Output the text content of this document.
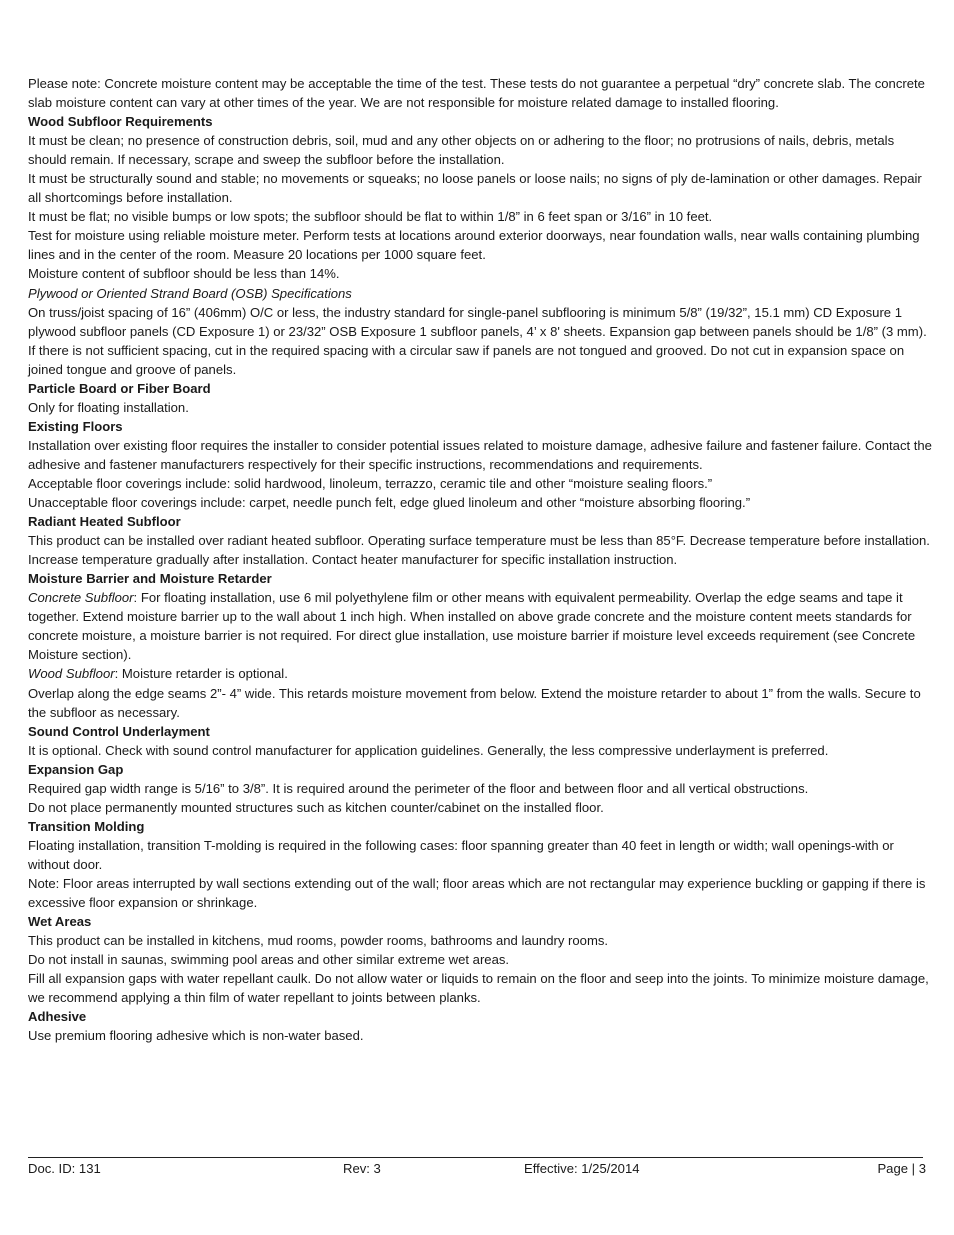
Please note: Concrete moisture content may be acceptable the time of the test. These tests do not guarantee a perpetual “dry” concrete slab. The concrete slab moisture content can vary at other times of the year. We are not responsible for moisture related damage to installed flooring.

Wood Subfloor Requirements

It must be clean; no presence of construction debris, soil, mud and any other objects on or adhering to the floor; no protrusions of nails, debris, metals should remain. If necessary, scrape and sweep the subfloor before the installation.

It must be structurally sound and stable; no movements or squeaks; no loose panels or loose nails; no signs of ply de-lamination or other damages. Repair all shortcomings before installation.

It must be flat; no visible bumps or low spots; the subfloor should be flat to within 1/8” in 6 feet span or 3/16” in 10 feet.

Test for moisture using reliable moisture meter. Perform tests at locations around exterior doorways, near foundation walls, near walls containing plumbing lines and in the center of the room. Measure 20 locations per 1000 square feet.

Moisture content of subfloor should be less than 14%.

Plywood or Oriented Strand Board (OSB) Specifications

On truss/joist spacing of 16” (406mm) O/C or less, the industry standard for single-panel subflooring is minimum 5/8” (19/32”, 15.1 mm) CD Exposure 1 plywood subfloor panels (CD Exposure 1) or 23/32” OSB Exposure 1 subfloor panels, 4’ x 8' sheets. Expansion gap between panels should be 1/8” (3 mm). If there is not sufficient spacing, cut in the required spacing with a circular saw if panels are not tongued and grooved. Do not cut in expansion space on joined tongue and groove of panels.

Particle Board or Fiber Board

Only for floating installation.

Existing Floors

Installation over existing floor requires the installer to consider potential issues related to moisture damage, adhesive failure and fastener failure. Contact the adhesive and fastener manufacturers respectively for their specific instructions, recommendations and requirements.

Acceptable floor coverings include: solid hardwood, linoleum, terrazzo, ceramic tile and other “moisture sealing floors.”

Unacceptable floor coverings include: carpet, needle punch felt, edge glued linoleum and other “moisture absorbing flooring.”

Radiant Heated Subfloor

This product can be installed over radiant heated subfloor. Operating surface temperature must be less than 85°F. Decrease temperature before installation. Increase temperature gradually after installation. Contact heater manufacturer for specific installation instruction.

Moisture Barrier and Moisture Retarder

Concrete Subfloor: For floating installation, use 6 mil polyethylene film or other means with equivalent permeability. Overlap the edge seams and tape it together. Extend moisture barrier up to the wall about 1 inch high. When installed on above grade concrete and the moisture content meets standards for concrete moisture, a moisture barrier is not required. For direct glue installation, use moisture barrier if moisture level exceeds requirement (see Concrete Moisture section).

Wood Subfloor: Moisture retarder is optional.

Overlap along the edge seams 2”- 4” wide. This retards moisture movement from below. Extend the moisture retarder to about 1” from the walls. Secure to the subfloor as necessary.

Sound Control Underlayment

It is optional. Check with sound control manufacturer for application guidelines. Generally, the less compressive underlayment is preferred.

Expansion Gap

Required gap width range is 5/16” to 3/8”. It is required around the perimeter of the floor and between floor and all vertical obstructions.

Do not place permanently mounted structures such as kitchen counter/cabinet on the installed floor.

Transition Molding

Floating installation, transition T-molding is required in the following cases: floor spanning greater than 40 feet in length or width; wall openings-with or without door.

Note: Floor areas interrupted by wall sections extending out of the wall; floor areas which are not rectangular may experience buckling or gapping if there is excessive floor expansion or shrinkage.

Wet Areas

This product can be installed in kitchens, mud rooms, powder rooms, bathrooms and laundry rooms.

Do not install in saunas, swimming pool areas and other similar extreme wet areas.

Fill all expansion gaps with water repellant caulk. Do not allow water or liquids to remain on the floor and seep into the joints. To minimize moisture damage, we recommend applying a thin film of water repellant to joints between planks.

Adhesive

Use premium flooring adhesive which is non-water based.

Doc. ID: 131	Rev: 3	Effective: 1/25/2014	Page | 3
